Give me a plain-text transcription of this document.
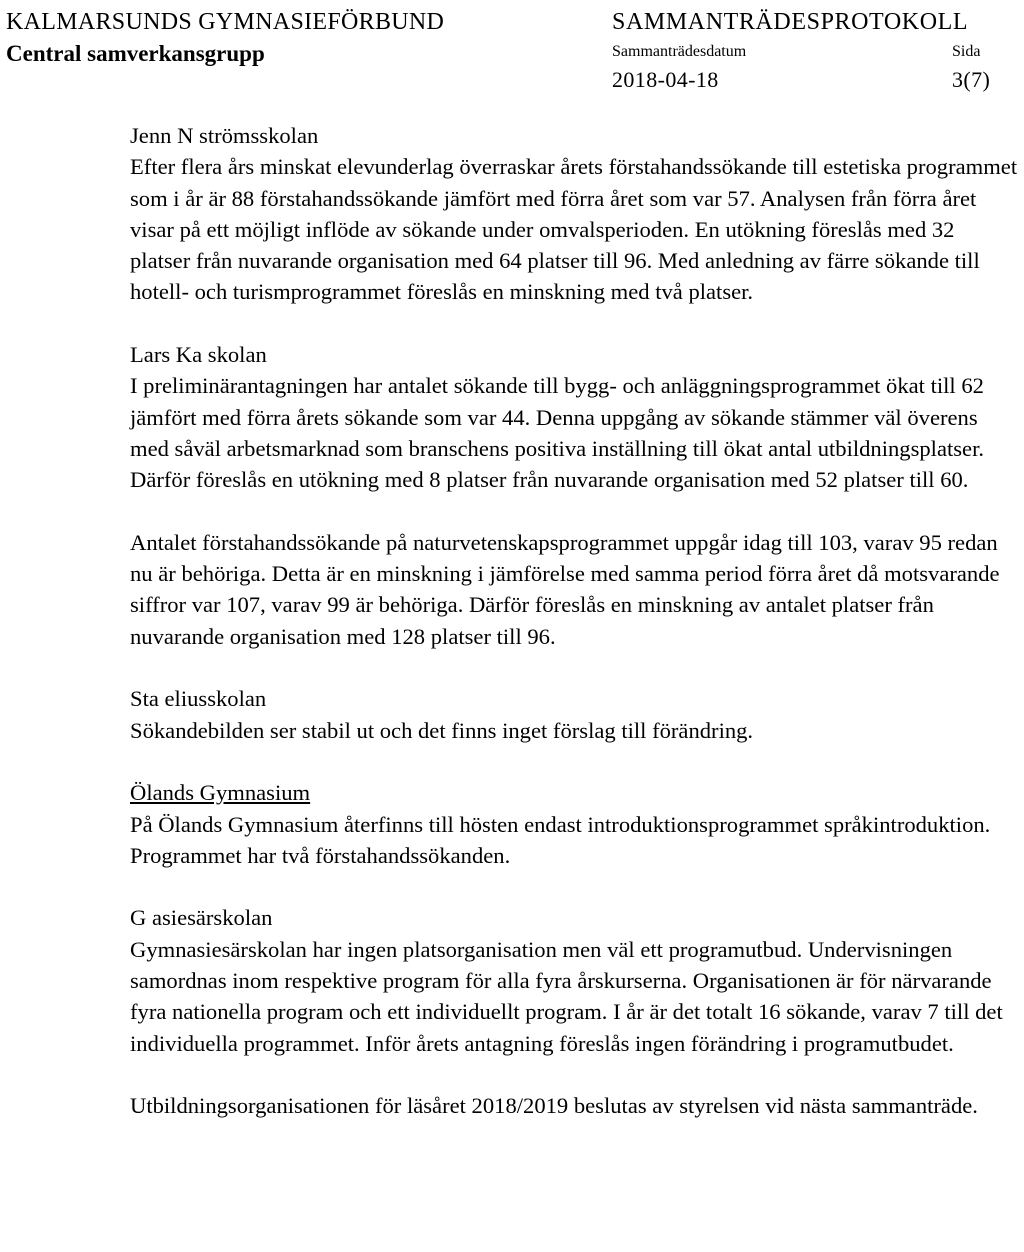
KALMARSUNDS GYMNASIEFÖRBUND
Central samverkansgrupp
SAMMANTRÄDESPROTOKOLL
Sammanträdesdatum	Sida
2018-04-18	3(7)
Jenn N strömsskolan
Efter flera års minskat elevunderlag överraskar årets förstahandssökande till estetiska programmet som i år är 88 förstahandssökande jämfört med förra året som var 57. Analysen från förra året visar på ett möjligt inflöde av sökande under omvalsperioden. En utökning föreslås med 32 platser från nuvarande organisation med 64 platser till 96. Med anledning av färre sökande till hotell- och turismprogrammet föreslås en minskning med två platser.
Lars Ka skolan
I preliminärantagningen har antalet sökande till bygg- och anläggningsprogrammet ökat till 62 jämfört med förra årets sökande som var 44. Denna uppgång av sökande stämmer väl överens med såväl arbetsmarknad som branschens positiva inställning till ökat antal utbildningsplatser. Därför föreslås en utökning med 8 platser från nuvarande organisation med 52 platser till 60.
Antalet förstahandssökande på naturvetenskapsprogrammet uppgår idag till 103, varav 95 redan nu är behöriga. Detta är en minskning i jämförelse med samma period förra året då motsvarande siffror var 107, varav 99 är behöriga. Därför föreslås en minskning av antalet platser från nuvarande organisation med 128 platser till 96.
Sta eliusskolan
Sökandebilden ser stabil ut och det finns inget förslag till förändring.
Ölands Gymnasium
På Ölands Gymnasium återfinns till hösten endast introduktionsprogrammet språkintroduktion. Programmet har två förstahandssökanden.
G asiesärskolan
Gymnasiesärskolan har ingen platsorganisation men väl ett programutbud. Undervisningen samordnas inom respektive program för alla fyra årskurserna. Organisationen är för närvarande fyra nationella program och ett individuellt program. I år är det totalt 16 sökande, varav 7 till det individuella programmet. Inför årets antagning föreslås ingen förändring i programutbudet.
Utbildningsorganisationen för läsåret 2018/2019 beslutas av styrelsen vid nästa sammanträde.
